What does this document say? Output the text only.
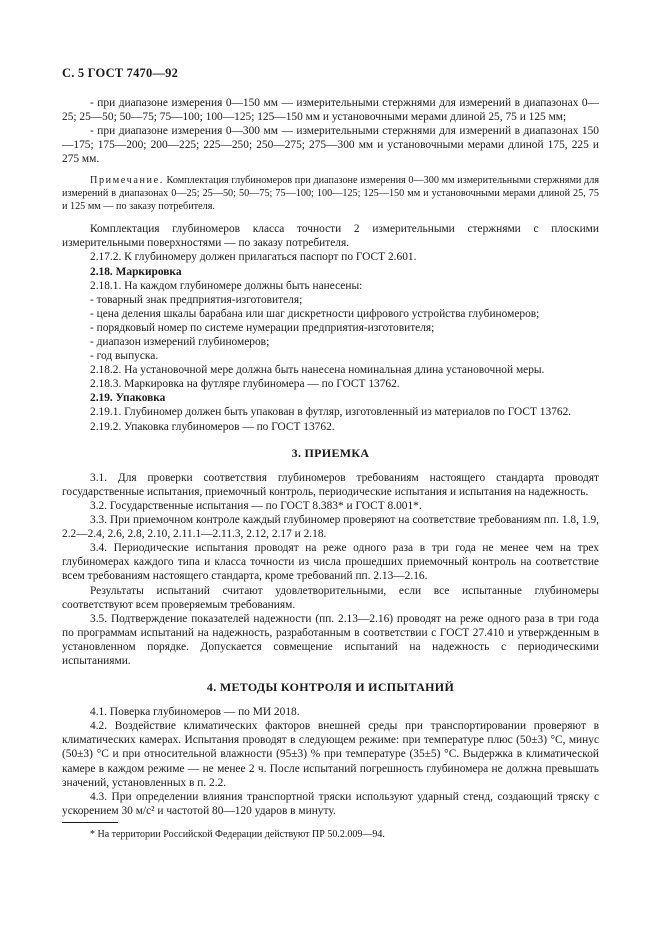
С. 5 ГОСТ 7470—92

- при диапазоне измерения 0—150 мм — измерительными стержнями для измерений в диапазонах 0—25; 25—50; 50—75; 75—100; 100—125; 125—150 мм и установочными мерами длиной 25, 75 и 125 мм;

- при диапазоне измерения 0—300 мм — измерительными стержнями для измерений в диапазонах 150—175; 175—200; 200—225; 225—250; 250—275; 275—300 мм и установочными мерами длиной 175, 225 и 275 мм.

Примечание. Комплектация глубиномеров при диапазоне измерения 0—300 мм измерительными стержнями для измерений в диапазонах 0—25; 25—50; 50—75; 75—100; 100—125; 125—150 мм и установочными мерами длиной 25, 75 и 125 мм — по заказу потребителя.

Комплектация глубиномеров класса точности 2 измерительными стержнями с плоскими измерительными поверхностями — по заказу потребителя.

2.17.2. К глубиномеру должен прилагаться паспорт по ГОСТ 2.601.

2.18. Маркировка

2.18.1. На каждом глубиномере должны быть нанесены:

- товарный знак предприятия-изготовителя;

- цена деления шкалы барабана или шаг дискретности цифрового устройства глубиномеров;

- порядковый номер по системе нумерации предприятия-изготовителя;

- диапазон измерений глубиномеров;

- год выпуска.

2.18.2. На установочной мере должна быть нанесена номинальная длина установочной меры.

2.18.3. Маркировка на футляре глубиномера — по ГОСТ 13762.

2.19. Упаковка

2.19.1. Глубиномер должен быть упакован в футляр, изготовленный из материалов по ГОСТ 13762.

2.19.2. Упаковка глубиномеров — по ГОСТ 13762.

3. ПРИЕМКА

3.1. Для проверки соответствия глубиномеров требованиям настоящего стандарта проводят государственные испытания, приемочный контроль, периодические испытания и испытания на надежность.

3.2. Государственные испытания — по ГОСТ 8.383* и ГОСТ 8.001*.

3.3. При приемочном контроле каждый глубиномер проверяют на соответствие требованиям пп. 1.8, 1.9, 2.2—2.4, 2.6, 2.8, 2.10, 2.11.1—2.11.3, 2.12, 2.17 и 2.18.

3.4. Периодические испытания проводят на реже одного раза в три года не менее чем на трех глубиномерах каждого типа и класса точности из числа прошедших приемочный контроль на соответствие всем требованиям настоящего стандарта, кроме требований пп. 2.13—2.16.

Результаты испытаний считают удовлетворительными, если все испытанные глубиномеры соответствуют всем проверяемым требованиям.

3.5. Подтверждение показателей надежности (пп. 2.13—2.16) проводят на реже одного раза в три года по программам испытаний на надежность, разработанным в соответствии с ГОСТ 27.410 и утвержденным в установленном порядке. Допускается совмещение испытаний на надежность с периодическими испытаниями.

4. МЕТОДЫ КОНТРОЛЯ И ИСПЫТАНИЙ

4.1. Поверка глубиномеров — по МИ 2018.

4.2. Воздействие климатических факторов внешней среды при транспортировании проверяют в климатических камерах. Испытания проводят в следующем режиме: при температуре плюс (50±3) °С, минус (50±3) °С и при относительной влажности (95±3) % при температуре (35±5) °С. Выдержка в климатической камере в каждом режиме — не менее 2 ч. После испытаний погрешность глубиномера не должна превышать значений, установленных в п. 2.2.

4.3. При определении влияния транспортной тряски используют ударный стенд, создающий тряску с ускорением 30 м/с² и частотой 80—120 ударов в минуту.

* На территории Российской Федерации действуют ПР 50.2.009—94.
